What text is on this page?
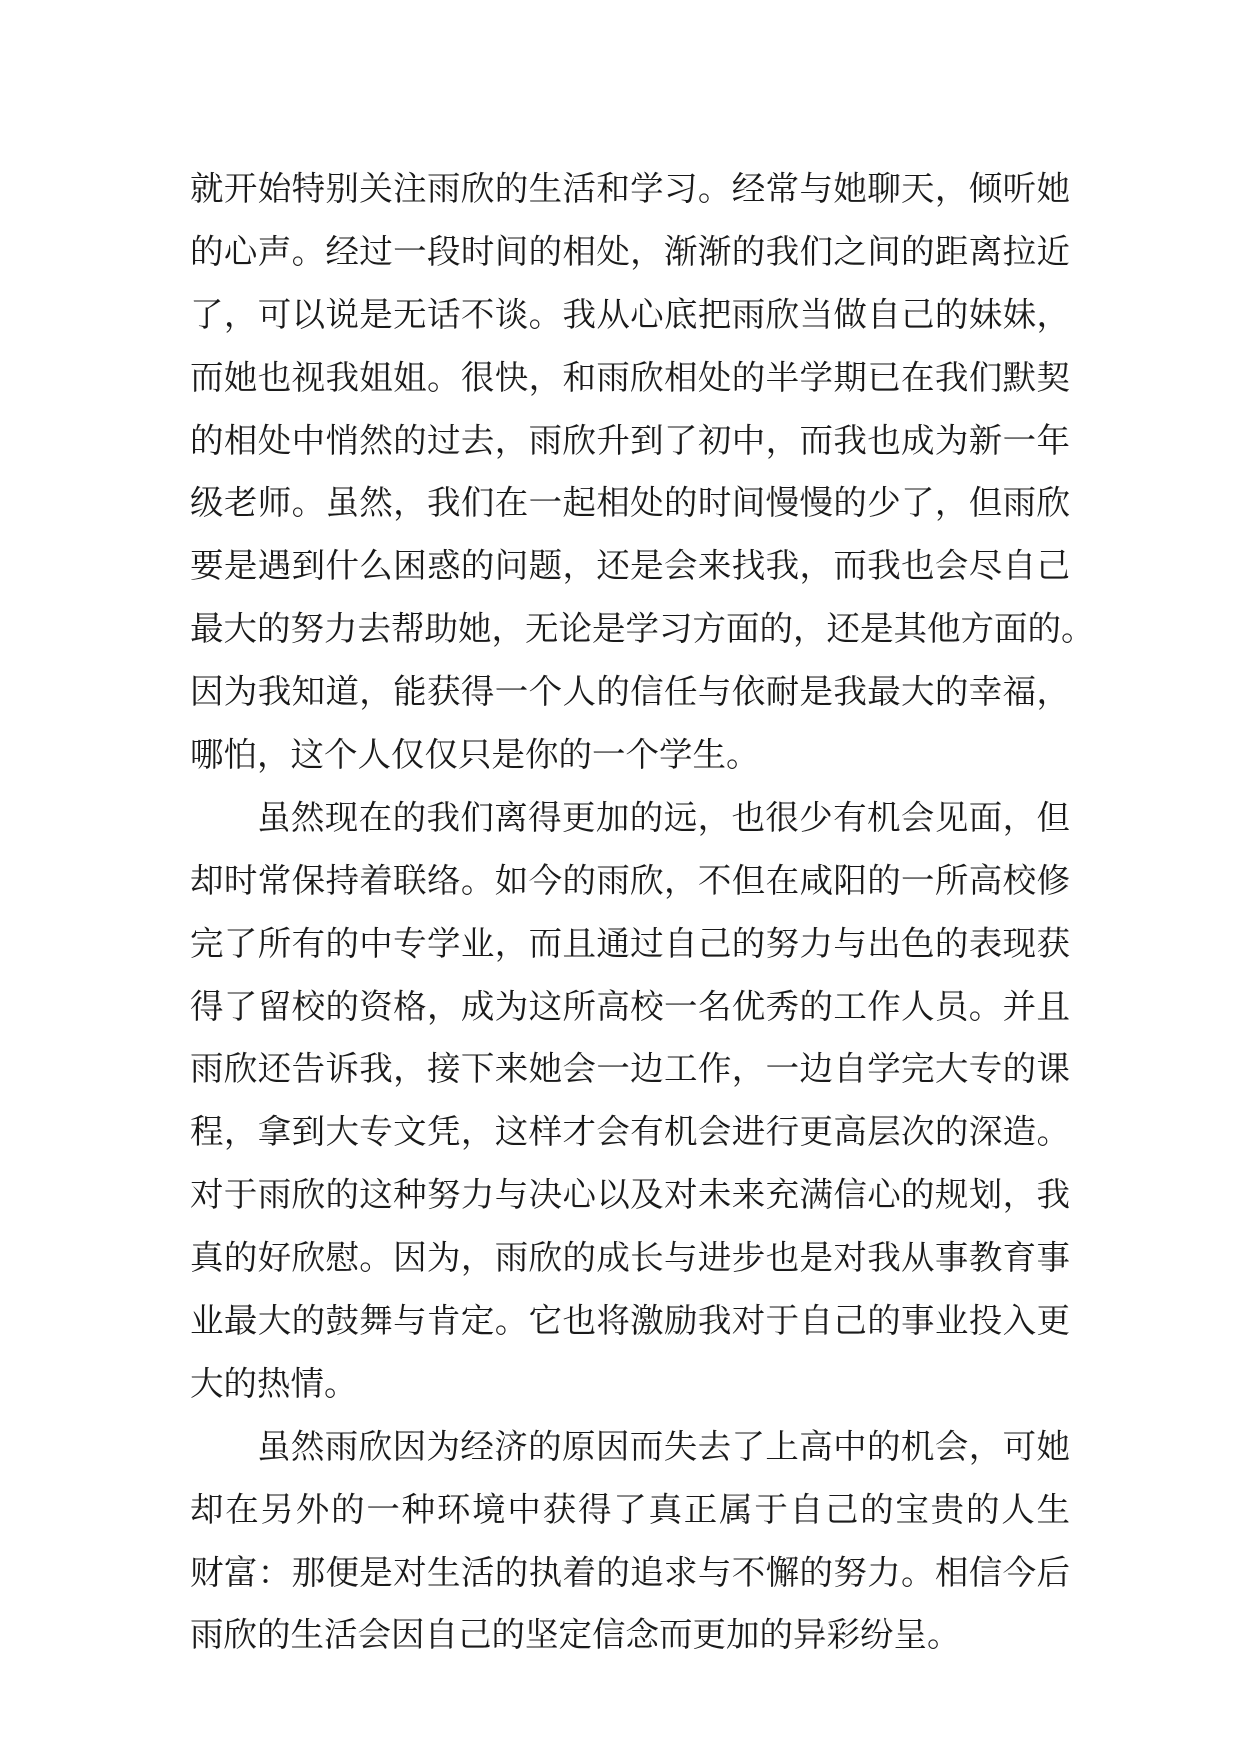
就开始特别关注雨欣的生活和学习。经常与她聊天，倾听她
的心声。经过一段时间的相处，渐渐的我们之间的距离拉近
了，可以说是无话不谈。我从心底把雨欣当做自己的妹妹，
而她也视我姐姐。很快，和雨欣相处的半学期已在我们默契
的相处中悄然的过去，雨欣升到了初中，而我也成为新一年
级老师。虽然，我们在一起相处的时间慢慢的少了，但雨欣
要是遇到什么困惑的问题，还是会来找我，而我也会尽自己
最大的努力去帮助她，无论是学习方面的，还是其他方面的。
因为我知道，能获得一个人的信任与依耐是我最大的幸福，
哪怕，这个人仅仅只是你的一个学生。
虽然现在的我们离得更加的远，也很少有机会见面，但
却时常保持着联络。如今的雨欣，不但在咸阳的一所高校修
完了所有的中专学业，而且通过自己的努力与出色的表现获
得了留校的资格，成为这所高校一名优秀的工作人员。并且
雨欣还告诉我，接下来她会一边工作，一边自学完大专的课
程，拿到大专文凭，这样才会有机会进行更高层次的深造。
对于雨欣的这种努力与决心以及对未来充满信心的规划，我
真的好欣慰。因为，雨欣的成长与进步也是对我从事教育事
业最大的鼓舞与肯定。它也将激励我对于自己的事业投入更
大的热情。
虽然雨欣因为经济的原因而失去了上高中的机会，可她
却在另外的一种环境中获得了真正属于自己的宝贵的人生
财富：那便是对生活的执着的追求与不懈的努力。相信今后
雨欣的生活会因自己的坚定信念而更加的异彩纷呈。
